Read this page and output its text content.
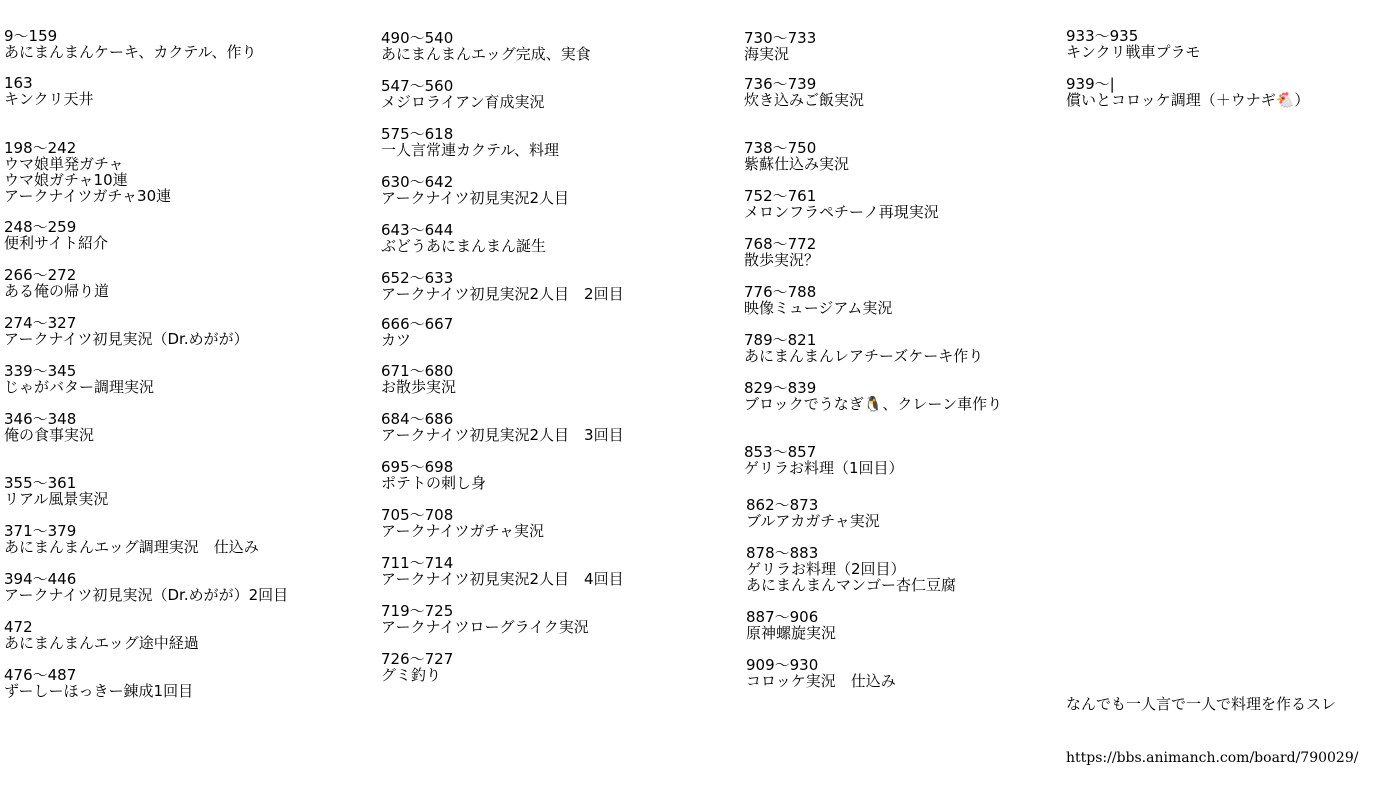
9～159
あにまんまんケーキ、カクテル、作り
163
キンクリ天井
198～242
ウマ娘単発ガチャ
ウマ娘ガチャ10連
アークナイツガチャ30連
248～259
便利サイト紹介
266～272
ある俺の帰り道
274～327
アークナイツ初見実況（Dr.めがが）
339～345
じゃがバター調理実況
346～348
俺の食事実況
355～361
リアル風景実況
371～379
あにまんまんエッグ調理実況　仕込み
394～446
アークナイツ初見実況（Dr.めがが）2回目
472
あにまんまんエッグ途中経過
476～487
ずーしーほっきー錬成1回目
490～540
あにまんまんエッグ完成、実食
547～560
メジロライアン育成実況
575～618
一人言常連カクテル、料理
630～642
アークナイツ初見実況2人目
643～644
ぶどうあにまんまん誕生
652～633
アークナイツ初見実況2人目　2回目
666～667
カツ
671～680
お散歩実況
684～686
アークナイツ初見実況2人目　3回目
695～698
ポテトの刺し身
705～708
アークナイツガチャ実況
711～714
アークナイツ初見実況2人目　4回目
719～725
アークナイツローグライク実況
726～727
グミ釣り
730～733
海実況
736～739
炊き込みご飯実況
738～750
紫蘇仕込み実況
752～761
メロンフラペチーノ再現実況
768～772
散歩実況？
776～788
映像ミュージアム実況
789～821
あにまんまんレアチーズケーキ作り
829～839
ブロックでうなぎ🐧、クレーン車作り
853～857
ゲリラお料理（1回目）
862～873
ブルアカガチャ実況
878～883
ゲリラお料理（2回目）
あにまんまんマンゴー杏仁豆腐
887～906
原神螺旋実況
909～930
コロッケ実況　仕込み
933～935
キンクリ戦車プラモ
939～|
償いとコロッケ調理（＋ウナギ🐔）

なんでも一人言で一人で料理を作るスレ

https://bbs.animanch.com/board/790029/
